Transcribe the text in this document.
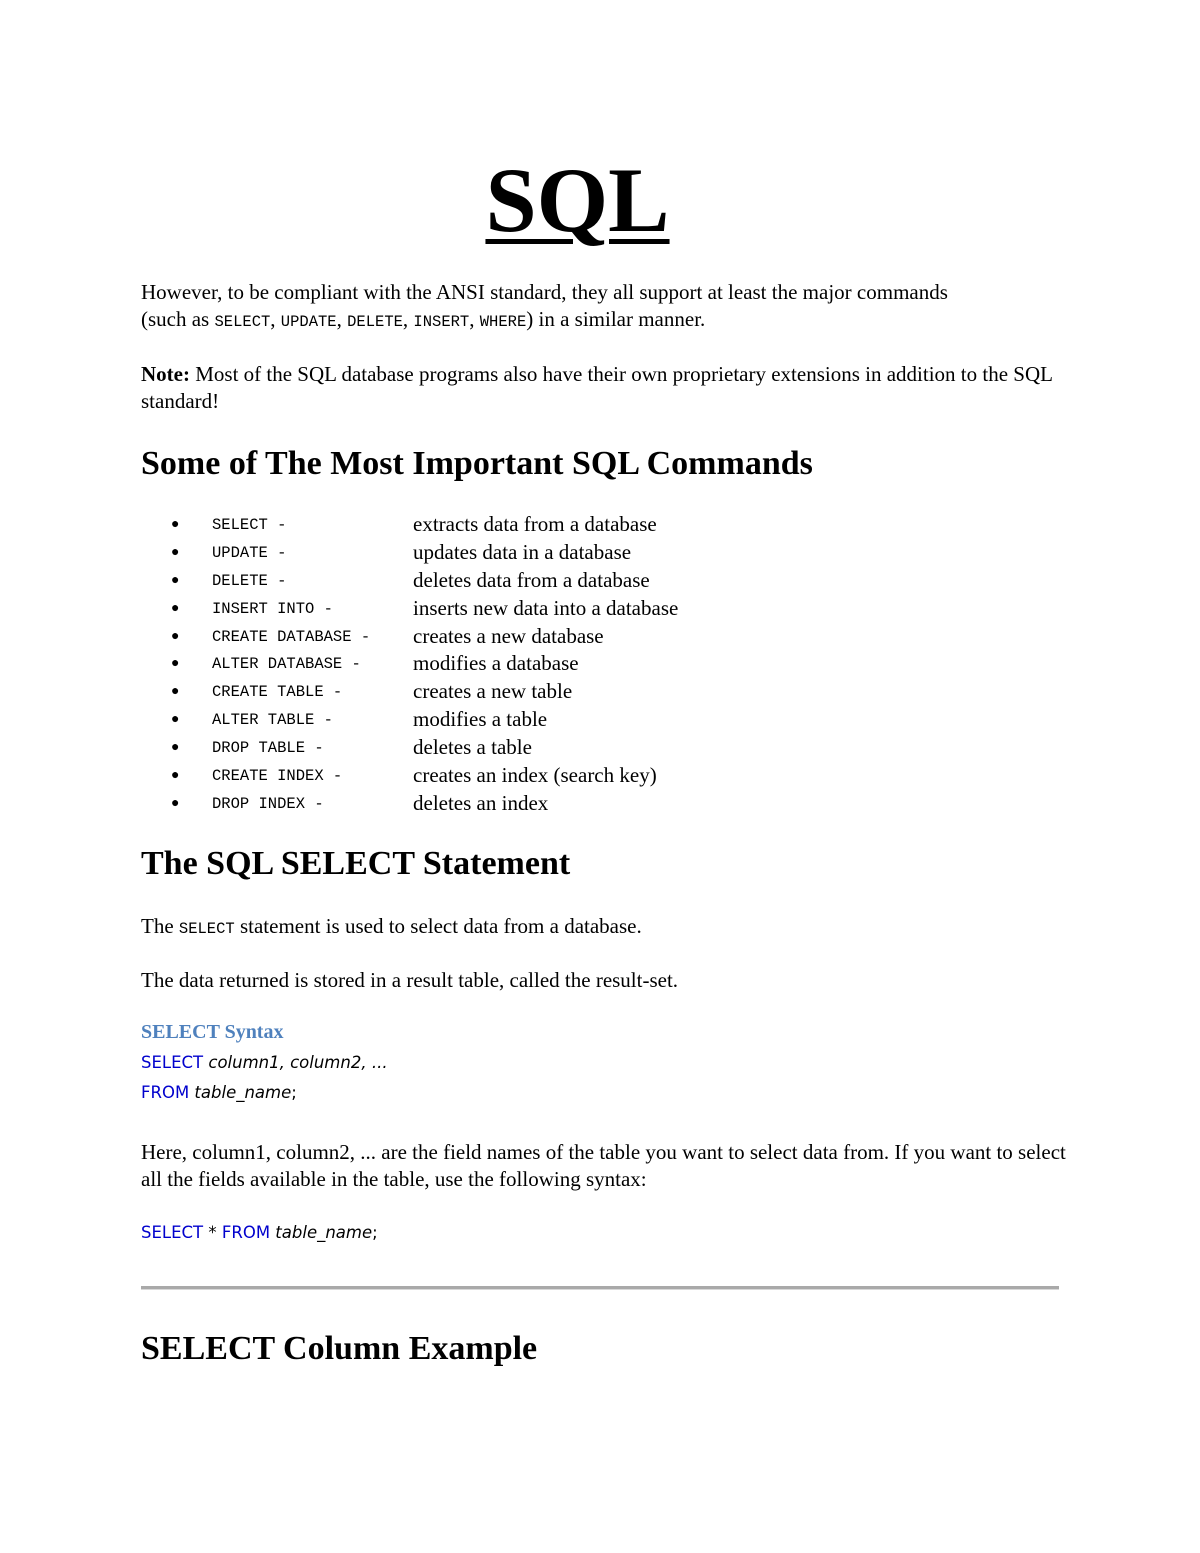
SQL
However, to be compliant with the ANSI standard, they all support at least the major commands
(such as SELECT, UPDATE, DELETE, INSERT, WHERE) in a similar manner.
Note: Most of the SQL database programs also have their own proprietary extensions in addition to the SQL standard!
Some of The Most Important SQL Commands
● SELECT -	extracts data from a database
● UPDATE -	updates data in a database
● DELETE -	deletes data from a database
● INSERT INTO -	inserts new data into a database
● CREATE DATABASE - creates a new database
● ALTER DATABASE - modifies a database
● CREATE TABLE -	creates a new table
● ALTER TABLE -	modifies a table
● DROP TABLE -	deletes a table
● CREATE INDEX -	creates an index (search key)
● DROP INDEX -	deletes an index
The SQL SELECT Statement
The SELECT statement is used to select data from a database.
The data returned is stored in a result table, called the result-set.
SELECT Syntax
SELECT column1, column2, ...
FROM table_name;
Here, column1, column2, ... are the field names of the table you want to select data from. If you want to select all the fields available in the table, use the following syntax:
SELECT * FROM table_name;
SELECT Column Example
